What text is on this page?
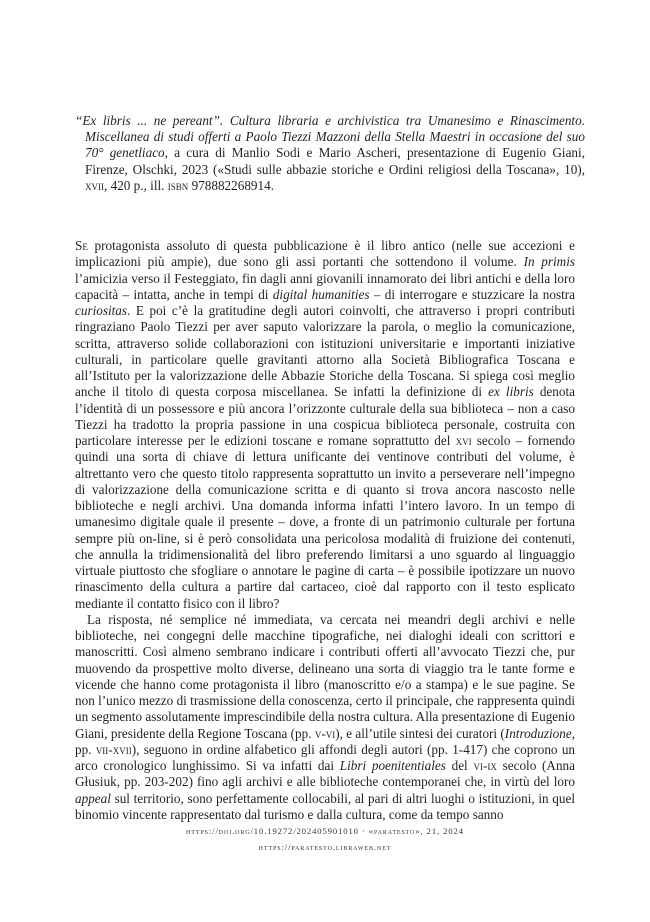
“Ex libris ... ne pereant”. Cultura libraria e archivistica tra Umanesimo e Rinascimento. Miscellanea di studi offerti a Paolo Tiezzi Mazzoni della Stella Maestri in occasione del suo 70° genetliaco, a cura di Manlio Sodi e Mario Ascheri, presentazione di Eugenio Giani, Firenze, Olschki, 2023 («Studi sulle abbazie storiche e Ordini religiosi della Toscana», 10), xvii, 420 p., ill. isbn 978882268914.

Se protagonista assoluto di questa pubblicazione è il libro antico (nelle sue accezioni e implicazioni più ampie), due sono gli assi portanti che sottendono il volume. In primis l’amicizia verso il Festeggiato, fin dagli anni giovanili innamorato dei libri antichi e della loro capacità – intatta, anche in tempi di digital humanities – di interrogare e stuzzicare la nostra curiositas. E poi c’è la gratitudine degli autori coinvolti, che attraverso i propri contributi ringraziano Paolo Tiezzi per aver saputo valorizzare la parola, o meglio la comunicazione, scritta, attraverso solide collaborazioni con istituzioni universitarie e importanti iniziative culturali, in particolare quelle gravitanti attorno alla Società Bibliografica Toscana e all’Istituto per la valorizzazione delle Abbazie Storiche della Toscana. Si spiega così meglio anche il titolo di questa corposa miscellanea. Se infatti la definizione di ex libris denota l’identità di un possessore e più ancora l’orizzonte culturale della sua biblioteca – non a caso Tiezzi ha tradotto la propria passione in una cospicua biblioteca personale, costruita con particolare interesse per le edizioni toscane e romane soprattutto del xvi secolo – fornendo quindi una sorta di chiave di lettura unificante dei ventinove contributi del volume, è altrettanto vero che questo titolo rappresenta soprattutto un invito a perseverare nell’impegno di valorizzazione della comunicazione scritta e di quanto si trova ancora nascosto nelle biblioteche e negli archivi. Una domanda informa infatti l’intero lavoro. In un tempo di umanesimo digitale quale il presente – dove, a fronte di un patrimonio culturale per fortuna sempre più on-line, si è però consolidata una pericolosa modalità di fruizione dei contenuti, che annulla la tridimensionalità del libro preferendo limitarsi a uno sguardo al linguaggio virtuale piuttosto che sfogliare o annotare le pagine di carta – è possibile ipotizzare un nuovo rinascimento della cultura a partire dal cartaceo, cioè dal rapporto con il testo esplicato mediante il contatto fisico con il libro?

La risposta, né semplice né immediata, va cercata nei meandri degli archivi e nelle biblioteche, nei congegni delle macchine tipografiche, nei dialoghi ideali con scrittori e manoscritti. Così almeno sembrano indicare i contributi offerti all’avvocato Tiezzi che, pur muovendo da prospettive molto diverse, delineano una sorta di viaggio tra le tante forme e vicende che hanno come protagonista il libro (manoscritto e/o a stampa) e le sue pagine. Se non l’unico mezzo di trasmissione della conoscenza, certo il principale, che rappresenta quindi un segmento assolutamente imprescindibile della nostra cultura. Alla presentazione di Eugenio Giani, presidente della Regione Toscana (pp. v-vi), e all’utile sintesi dei curatori (Introduzione, pp. vii-xvii), seguono in ordine alfabetico gli affondi degli autori (pp. 1-417) che coprono un arco cronologico lunghissimo. Si va infatti dai Libri poenitentiales del vi-ix secolo (Anna Głusiuk, pp. 203-202) fino agli archivi e alle biblioteche contemporanei che, in virtù del loro appeal sul territorio, sono perfettamente collocabili, al pari di altri luoghi o istituzioni, in quel binomio vincente rappresentato dal turismo e dalla cultura, come da tempo sanno

https://doi.org/10.19272/202405901010 · «paratesto», 21, 2024
https://paratesto.libraweb.net
